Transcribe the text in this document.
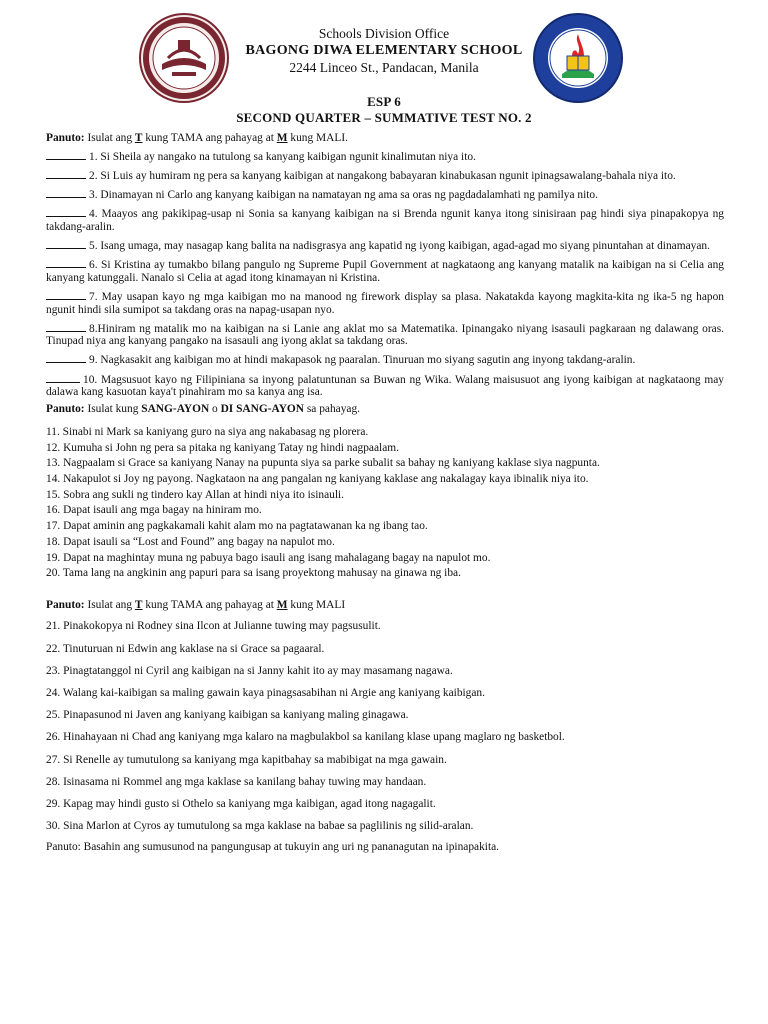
Schools Division Office
BAGONG DIWA ELEMENTARY SCHOOL
2244 Linceo St., Pandacan, Manila
ESP 6
SECOND QUARTER – SUMMATIVE TEST NO. 2

Panuto: Isulat ang T kung TAMA ang pahayag at M kung MALI.

1. Si Sheila ay nangako na tutulong sa kanyang kaibigan ngunit kinalimutan niya ito.

2. Si Luis ay humiram ng pera sa kanyang kaibigan at nangakong babayaran kinabukasan ngunit ipinagsawalang-bahala niya ito.

3. Dinamayan ni Carlo ang kanyang kaibigan na namatayan ng ama sa oras ng pagdadalamhati ng pamilya nito.

4. Maayos ang pakikipag-usap ni Sonia sa kanyang kaibigan na si Brenda ngunit kanya itong sinisiraan pag hindi siya pinapakopya ng takdang-aralin.

5. Isang umaga, may nasagap kang balita na nadisgrasya ang kapatid ng iyong kaibigan, agad-agad mo siyang pinuntahan at dinamayan.

6. Si Kristina ay tumakbo bilang pangulo ng Supreme Pupil Government at nagkataong ang kanyang matalik na kaibigan na si Celia ang kanyang katunggali. Nanalo si Celia at agad itong kinamayan ni Kristina.

7. May usapan kayo ng mga kaibigan mo na manood ng firework display sa plasa. Nakatakda kayong magkita-kita ng ika-5 ng hapon ngunit hindi sila sumipot sa takdang oras na napag-usapan nyo.

8.Hiniram ng matalik mo na kaibigan na si Lanie ang aklat mo sa Matematika. Ipinangako niyang isasauli pagkaraan ng dalawang oras. Tinupad niya ang kanyang pangako na isasauli ang iyong aklat sa takdang oras.

9. Nagkasakit ang kaibigan mo at hindi makapasok ng paaralan. Tinuruan mo siyang sagutin ang inyong takdang-aralin.

10. Magsusuot kayo ng Filipiniana sa inyong palatuntunan sa Buwan ng Wika. Walang maisusuot ang iyong kaibigan at nagkataong may dalawa kang kasuotan kaya't pinahiram mo sa kanya ang isa.

Panuto: Isulat kung SANG-AYON o DI SANG-AYON sa pahayag.

11. Sinabi ni Mark sa kaniyang guro na siya ang nakabasag ng plorera.
12. Kumuha si John ng pera sa pitaka ng kaniyang Tatay ng hindi nagpaalam.
13. Nagpaalam si Grace sa kaniyang Nanay na pupunta siya sa parke subalit sa bahay ng kaniyang kaklase siya nagpunta.
14. Nakapulot si Joy ng payong. Nagkataon na ang pangalan ng kaniyang kaklase ang nakalagay kaya ibinalik niya ito.
15. Sobra ang sukli ng tindero kay Allan at hindi niya ito isinauli.
16. Dapat isauli ang mga bagay na hiniram mo.
17. Dapat aminin ang pagkakamali kahit alam mo na pagtatawanan ka ng ibang tao.
18. Dapat isauli sa “Lost and Found” ang bagay na napulot mo.
19. Dapat na maghintay muna ng pabuya bago isauli ang isang mahalagang bagay na napulot mo.
20. Tama lang na angkinin ang papuri para sa isang proyektong mahusay na ginawa ng iba.

Panuto: Isulat ang T kung TAMA ang pahayag at M kung MALI

21. Pinakokopya ni Rodney sina Ilcon at Julianne tuwing may pagsusulit.
22. Tinuturuan ni Edwin ang kaklase na si Grace sa pagaaral.
23. Pinagtatanggol ni Cyril ang kaibigan na si Janny kahit ito ay may masamang nagawa.
24. Walang kai-kaibigan sa maling gawain kaya pinagsasabihan ni Argie ang kaniyang kaibigan.
25. Pinapasunod ni Javen ang kaniyang kaibigan sa kaniyang maling ginagawa.
26. Hinahayaan ni Chad ang kaniyang mga kalaro na magbulakbol sa kanilang klase upang maglaro ng basketbol.
27. Si Renelle ay tumutulong sa kaniyang mga kapitbahay sa mabibigat na mga gawain.
28. Isinasama ni Rommel ang mga kaklase sa kanilang bahay tuwing may handaan.
29. Kapag may hindi gusto si Othelo sa kaniyang mga kaibigan, agad itong nagagalit.
30. Sina Marlon at Cyros ay tumutulong sa mga kaklase na babae sa paglilinis ng silid-aralan.

Panuto: Basahin ang sumusunod na pangungusap at tukuyin ang uri ng pananagutan na ipinapakita.
